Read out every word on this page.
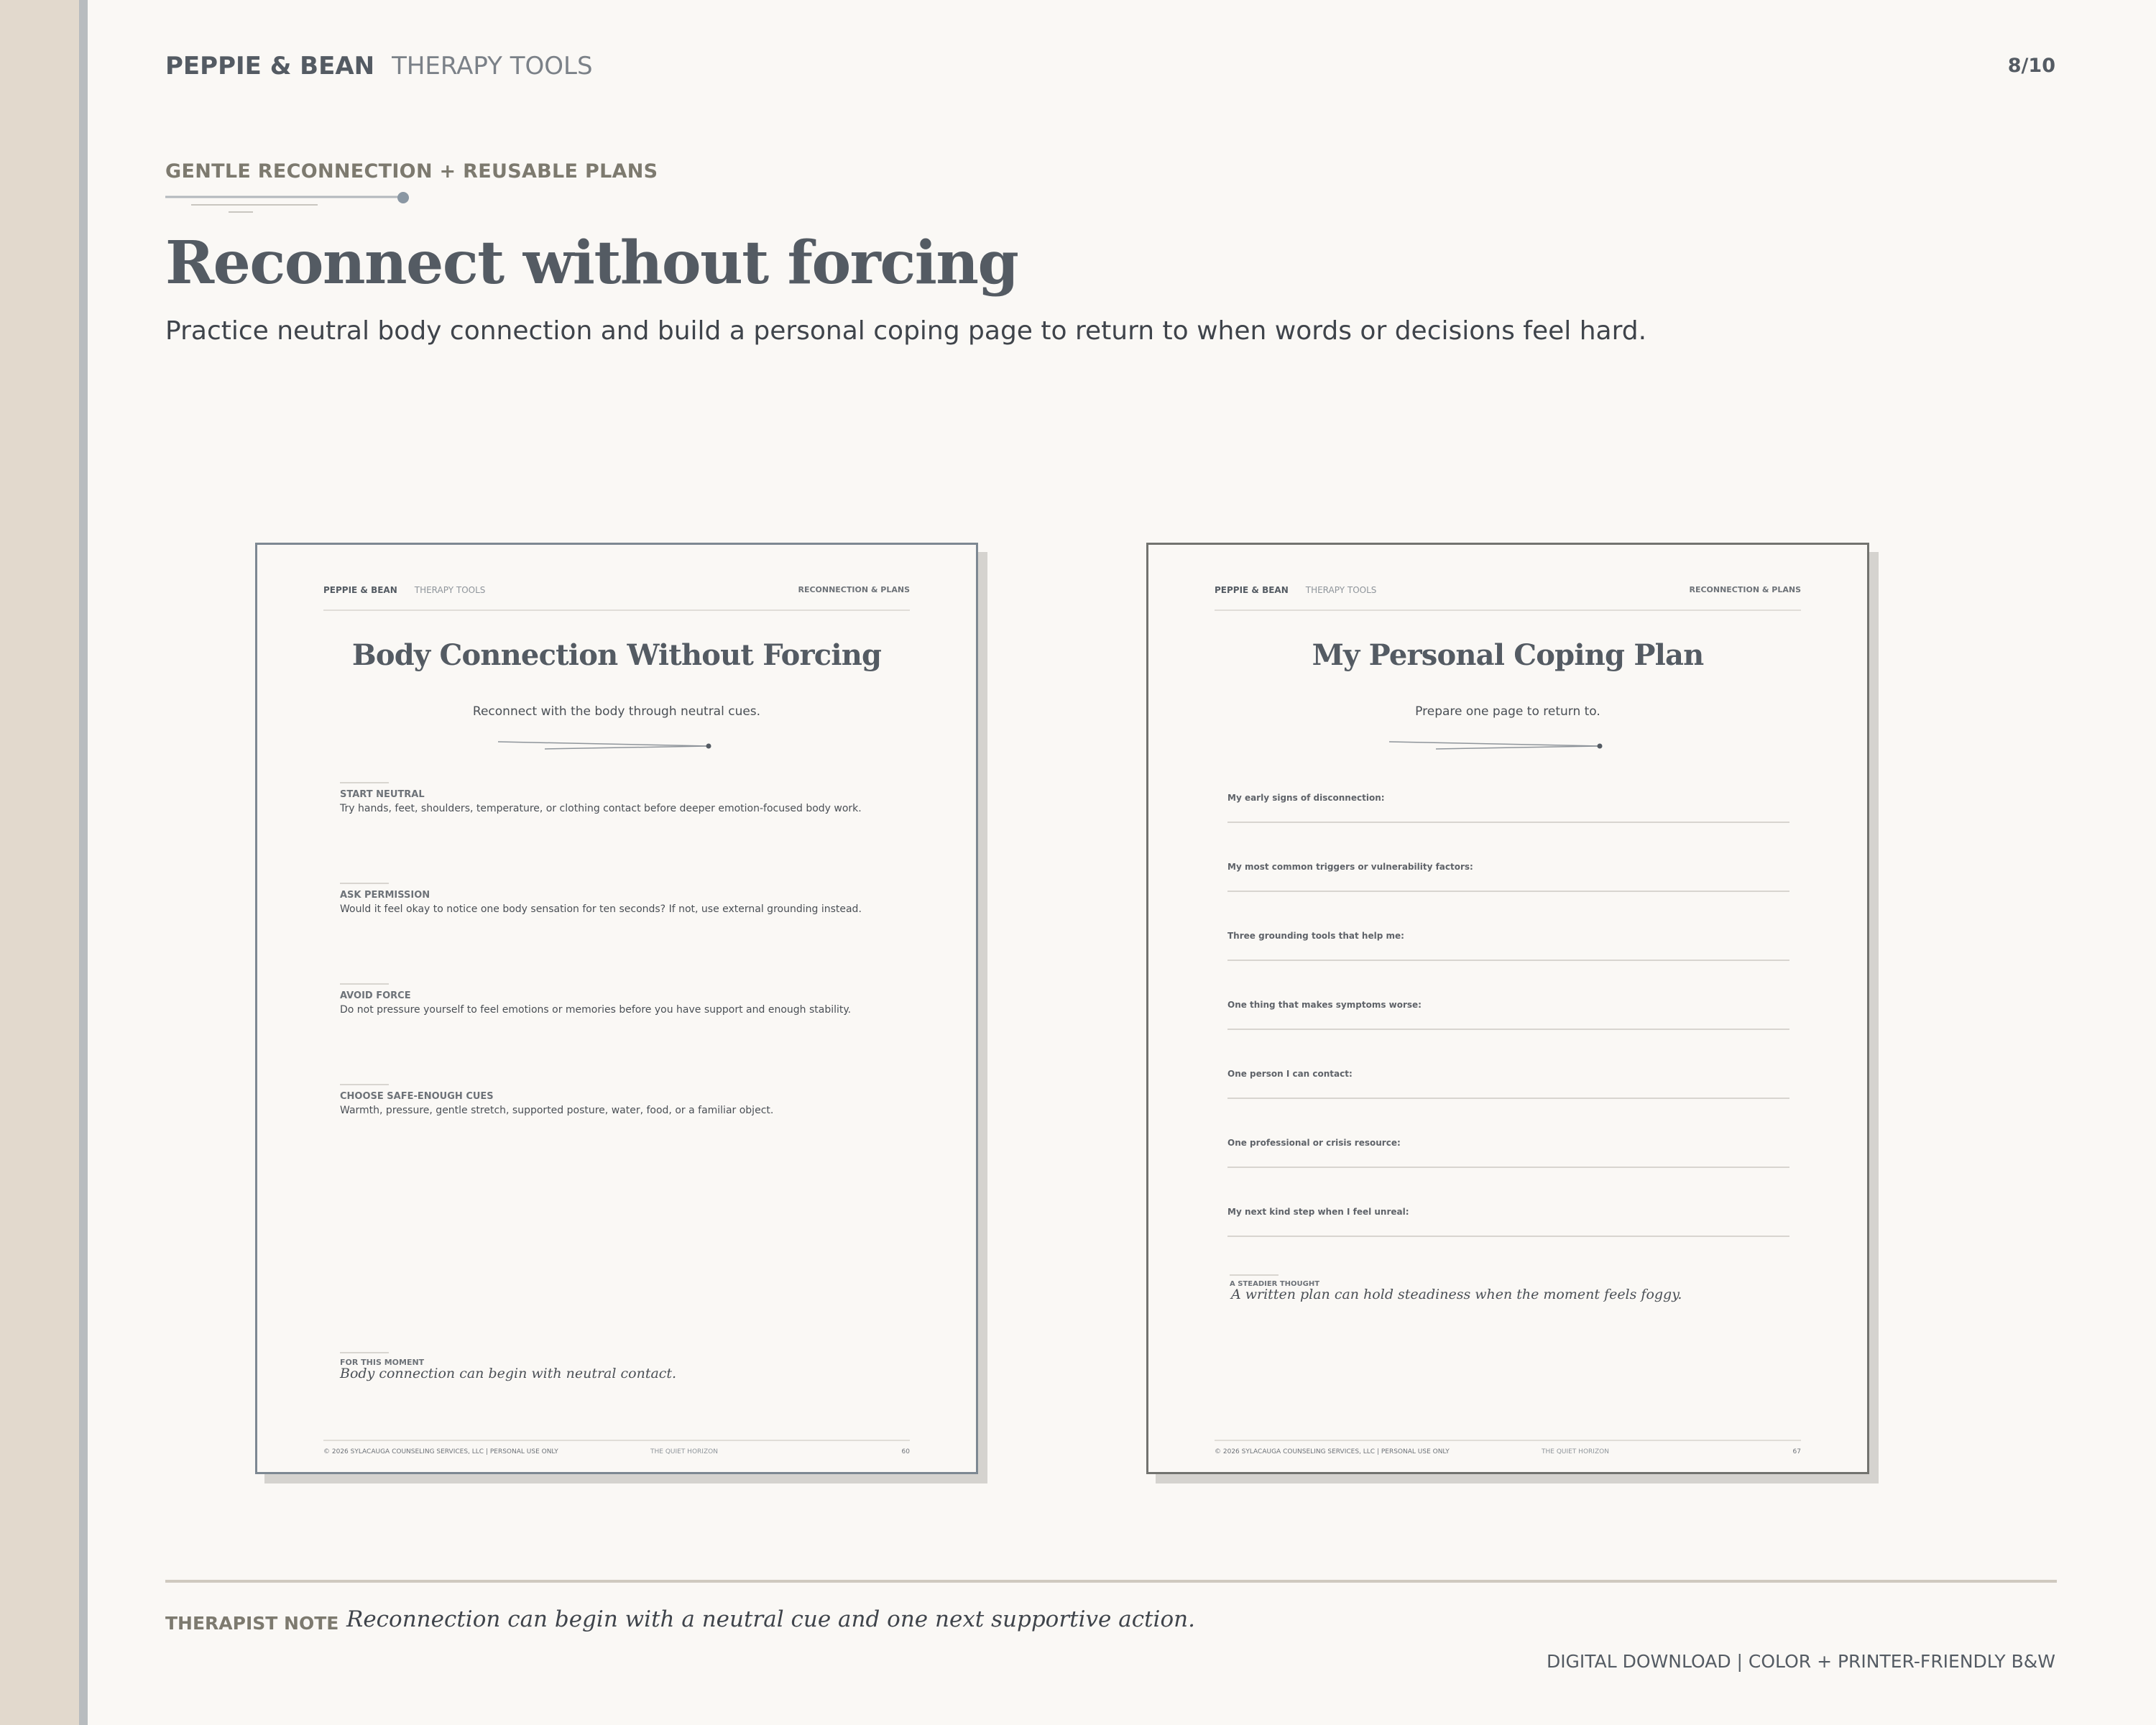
PEPPIE & BEAN THERAPY TOOLS	8/10
GENTLE RECONNECTION + REUSABLE PLANS
Reconnect without forcing
Practice neutral body connection and build a personal coping page to return to when words or decisions feel hard.
PEPPIE & BEAN THERAPY TOOLS	RECONNECTION & PLANS
Body Connection Without Forcing
Reconnect with the body through neutral cues.
START NEUTRAL
Try hands, feet, shoulders, temperature, or clothing contact before deeper emotion-focused body work.
ASK PERMISSION
Would it feel okay to notice one body sensation for ten seconds? If not, use external grounding instead.
AVOID FORCE
Do not pressure yourself to feel emotions or memories before you have support and enough stability.
CHOOSE SAFE-ENOUGH CUES
Warmth, pressure, gentle stretch, supported posture, water, food, or a familiar object.
FOR THIS MOMENT
Body connection can begin with neutral contact.
© 2026 SYLACAUGA COUNSELING SERVICES, LLC | PERSONAL USE ONLY	THE QUIET HORIZON	60
PEPPIE & BEAN THERAPY TOOLS	RECONNECTION & PLANS
My Personal Coping Plan
Prepare one page to return to.
My early signs of disconnection:
My most common triggers or vulnerability factors:
Three grounding tools that help me:
One thing that makes symptoms worse:
One person I can contact:
One professional or crisis resource:
My next kind step when I feel unreal:
A STEADIER THOUGHT
A written plan can hold steadiness when the moment feels foggy.
© 2026 SYLACAUGA COUNSELING SERVICES, LLC | PERSONAL USE ONLY	THE QUIET HORIZON	67
THERAPIST NOTE Reconnection can begin with a neutral cue and one next supportive action.
DIGITAL DOWNLOAD | COLOR + PRINTER-FRIENDLY B&W
